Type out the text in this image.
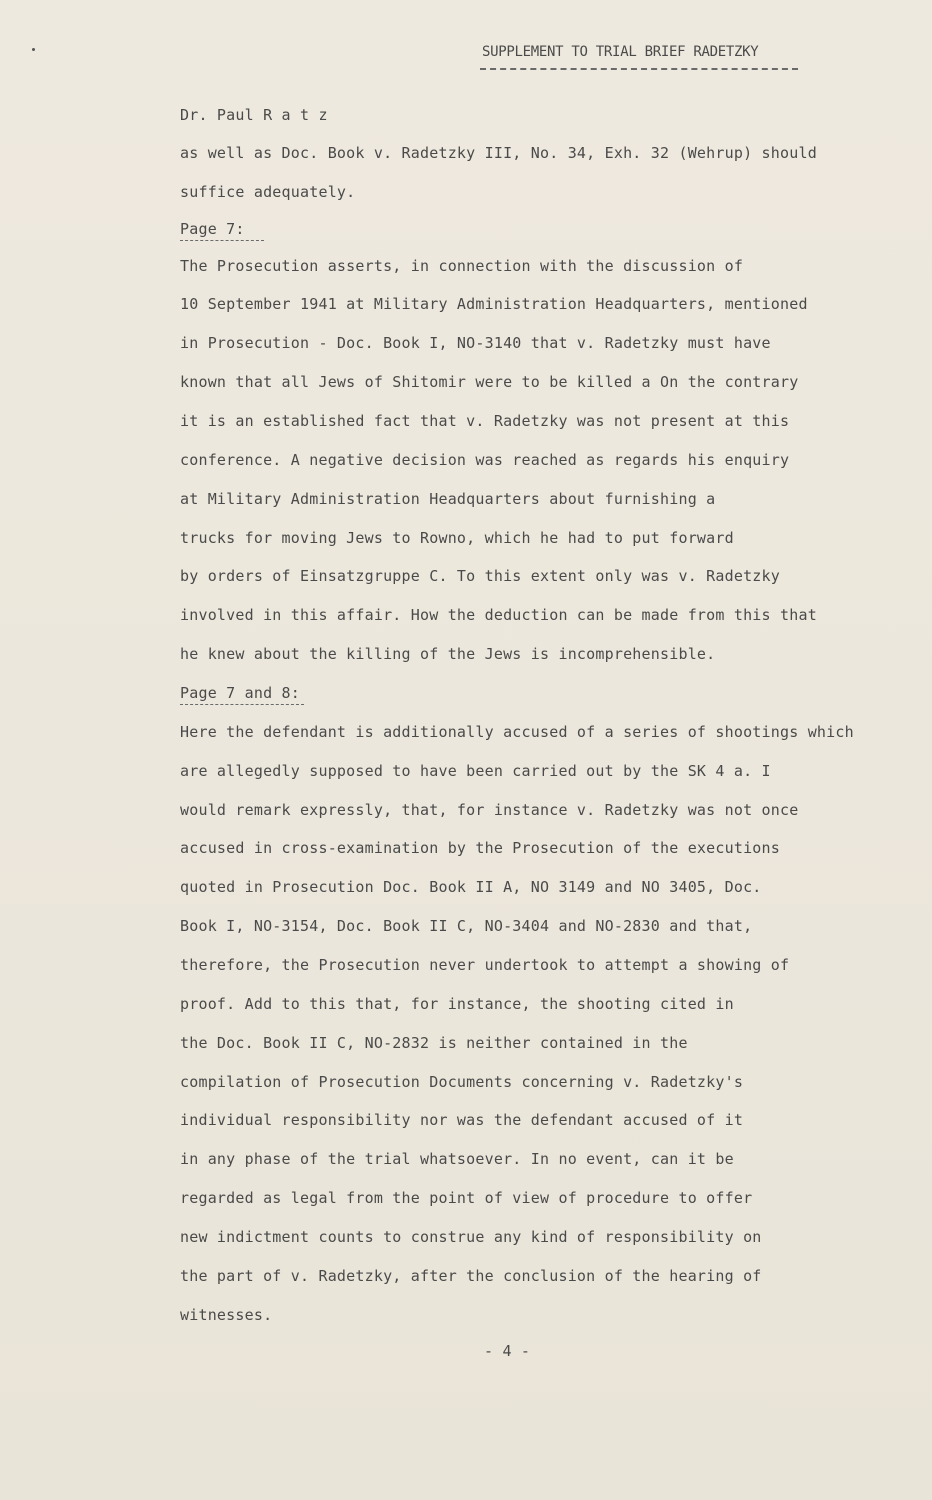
SUPPLEMENT TO TRIAL BRIEF RADETZKY
Dr. Paul R a t z
as well as Doc. Book v. Radetzky III, No. 34, Exh. 32 (Wehrup) should
suffice adequately.
Page 7:
The Prosecution asserts, in connection with the discussion of
10 September 1941 at Military Administration Headquarters, mentioned
in Prosecution - Doc. Book I, NO-3140 that v. Radetzky must have
known that all Jews of Shitomir were to be killed a On the contrary
it is an established fact that v. Radetzky was not present at this
conference. A negative decision was reached as regards his enquiry
at Military Administration Headquarters about furnishing a
trucks for moving Jews to Rowno, which he had to put forward
by orders of Einsatzgruppe C. To this extent only was v. Radetzky
involved in this affair. How the deduction can be made from this that
he knew about the killing of the Jews is incomprehensible.
Page 7 and 8:
Here the defendant is additionally accused of a series of shootings which
are allegedly supposed to have been carried out by the SK 4 a. I
would remark expressly, that, for instance v. Radetzky was not once
accused in cross-examination by the Prosecution of the executions
quoted in Prosecution Doc. Book II A, NO 3149 and NO 3405, Doc.
Book I, NO-3154, Doc. Book II C, NO-3404 and NO-2830 and that,
therefore, the Prosecution never undertook to attempt a showing of
proof. Add to this that, for instance, the shooting cited in
the Doc. Book II C, NO-2832 is neither contained in the
compilation of Prosecution Documents concerning v. Radetzky's
individual responsibility nor was the defendant accused of it
in any phase of the trial whatsoever. In no event, can it be
regarded as legal from the point of view of procedure to offer
new indictment counts to construe any kind of responsibility on
the part of v. Radetzky, after the conclusion of the hearing of
witnesses.
- 4 -
